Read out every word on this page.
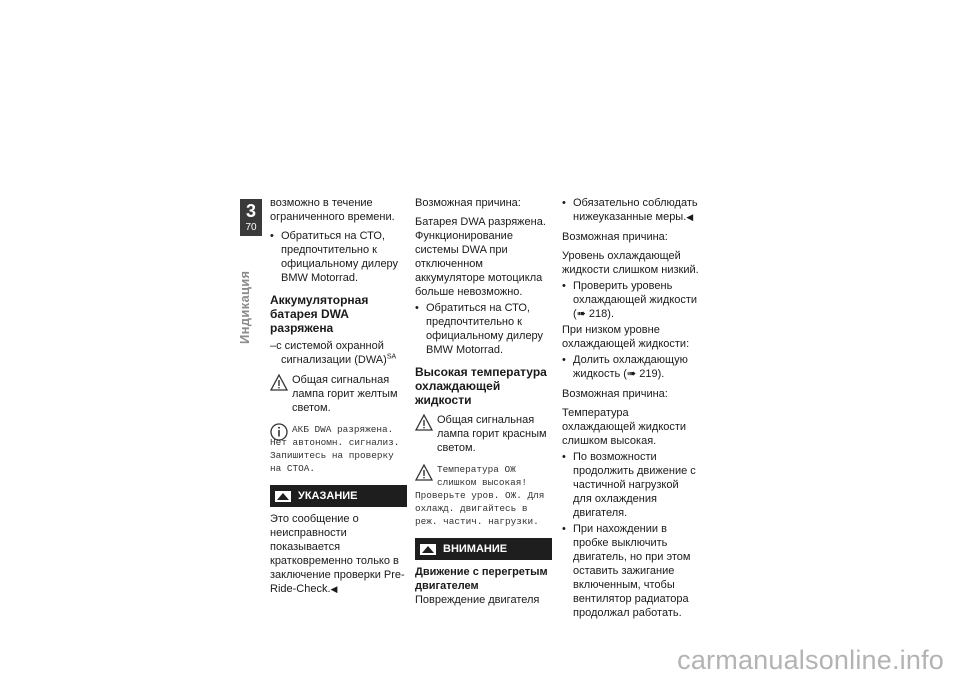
3
70
Индикация

возможно в течение ограниченного времени.

• Обратиться на СТО, предпочтительно к официальному дилеру BMW Motorrad.

Аккумуляторная батарея DWA разряжена

–с системой охранной сигнализации (DWA)$^{SA}$

Общая сигнальная лампа горит желтым светом.
АКБ DWA разряжена.
Нет автономн. сигнализ. Запишитесь на проверку на СТОА.
УКАЗАНИЕ

Это сообщение о неисправности показывается кратковременно только в заключение проверки Pre-Ride-Check.◀

Возможная причина:

Батарея DWA разряжена. Функционирование системы DWA при отключенном аккумуляторе мотоцикла больше невозможно.

• Обратиться на СТО, предпочтительно к официальному дилеру BMW Motorrad.

Высокая температура охлаждающей жидкости

Общая сигнальная лампа горит красным светом.
Температура ОЖ
слишком высокая!
Проверьте уров. ОЖ. Для охлажд. двигайтесь в реж. частич. нагрузки.
ВНИМАНИЕ

Движение с перегретым двигателем

Повреждение двигателя

• Обязательно соблюдать нижеуказанные меры.◀

Возможная причина:

Уровень охлаждающей жидкости слишком низкий.

• Проверить уровень охлаждающей жидкости (➠ 218).

При низком уровне охлаждающей жидкости:

• Долить охлаждающую жидкость (➠ 219).

Возможная причина:

Температура охлаждающей жидкости слишком высокая.

• По возможности продолжить движение с частичной нагрузкой для охлаждения двигателя.

• При нахождении в пробке выключить двигатель, но при этом оставить зажигание включенным, чтобы вентилятор радиатора продолжал работать.

carmanualsonline.info
